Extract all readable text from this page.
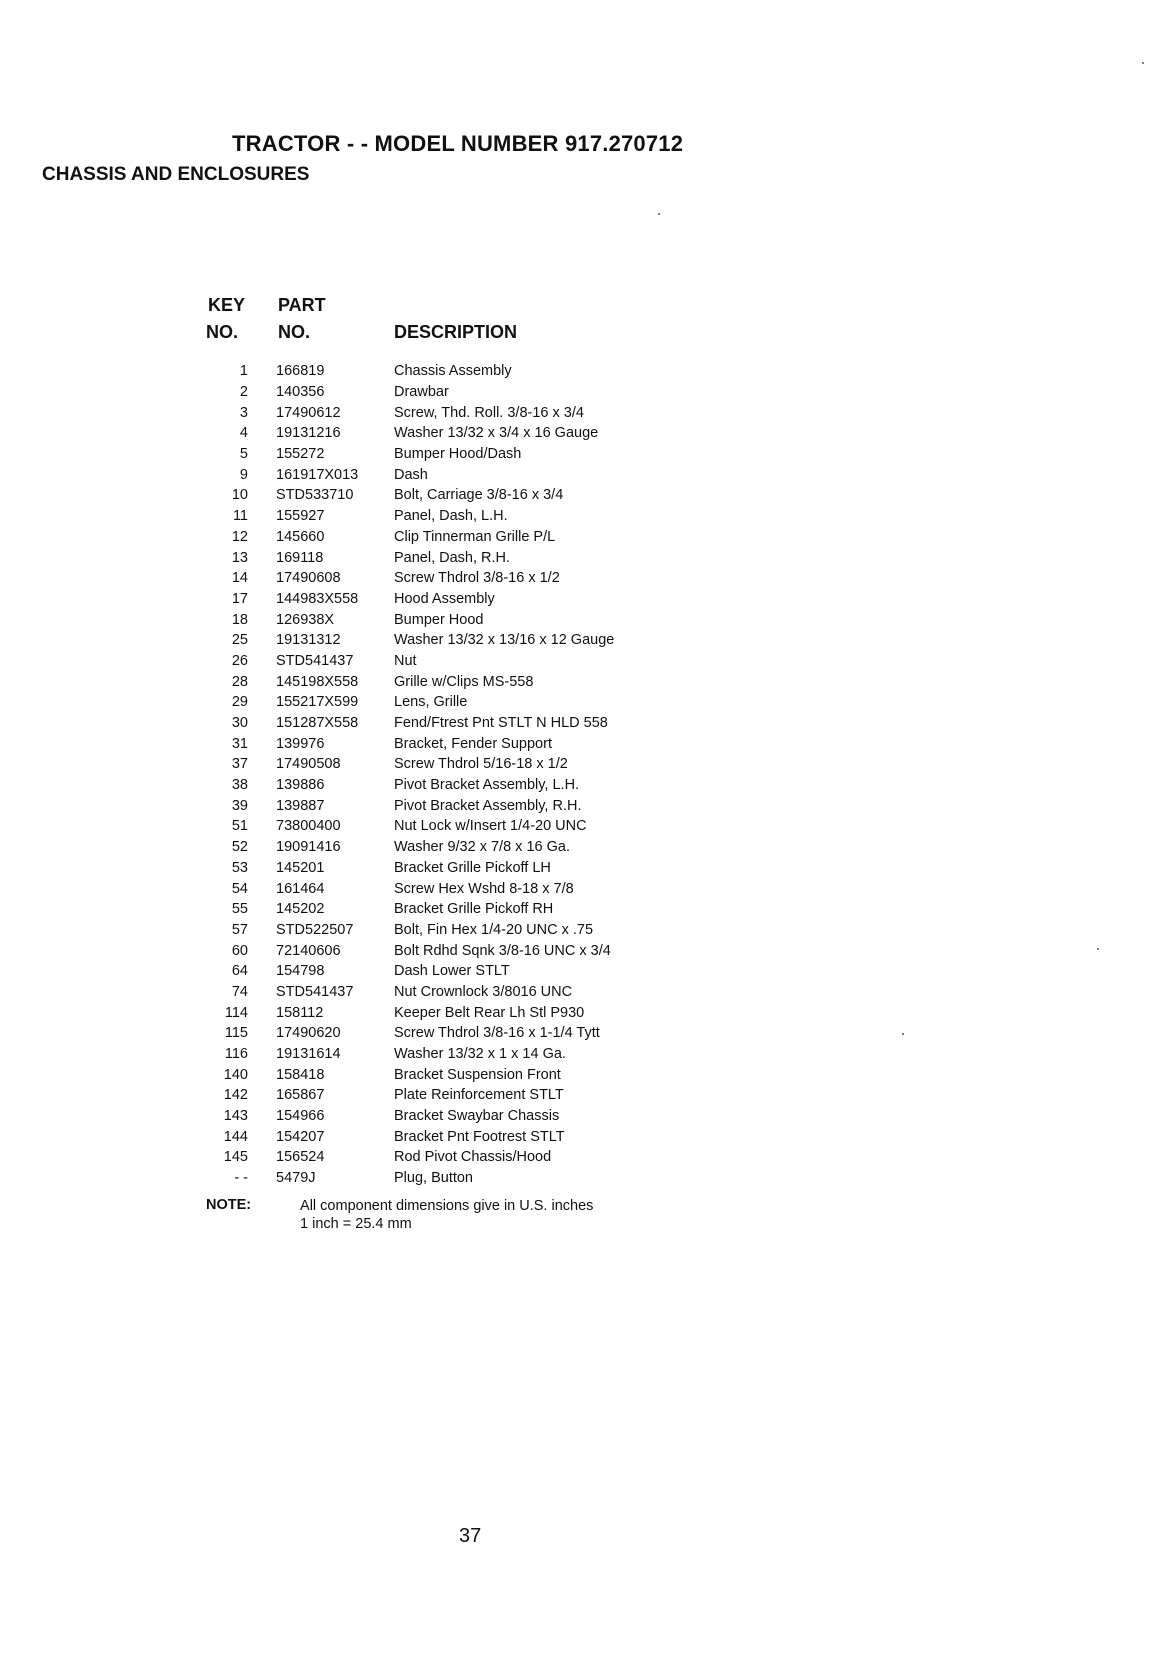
TRACTOR - - MODEL NUMBER 917.270712
CHASSIS AND ENCLOSURES
KEY PART
NO. NO.	DESCRIPTION
1	166819	Chassis Assembly
2	140356	Drawbar
3	17490612	Screw, Thd. Roll. 3/8-16 x 3/4
4	19131216	Washer 13/32 x 3/4 x 16 Gauge
5	155272	Bumper Hood/Dash
9	161917X013	Dash
10	STD533710	Bolt, Carriage 3/8-16 x 3/4
11	155927	Panel, Dash, L.H.
12	145660	Clip Tinnerman Grille P/L
13	169118	Panel, Dash, R.H.
14	17490608	Screw Thdrol 3/8-16 x 1/2
17	144983X558	Hood Assembly
18	126938X	Bumper Hood
25	19131312	Washer 13/32 x 13/16 x 12 Gauge
26	STD541437	Nut
28	145198X558	Grille w/Clips MS-558
29	155217X599	Lens, Grille
30	151287X558	Fend/Ftrest Pnt STLT N HLD 558
31	139976	Bracket, Fender Support
37	17490508	Screw Thdrol 5/16-18 x 1/2
38	139886	Pivot Bracket Assembly, L.H.
39	139887	Pivot Bracket Assembly, R.H.
51	73800400	Nut Lock w/Insert 1/4-20 UNC
52	19091416	Washer 9/32 x 7/8 x 16 Ga.
53	145201	Bracket Grille Pickoff LH
54	161464	Screw Hex Wshd 8-18 x 7/8
55	145202	Bracket Grille Pickoff RH
57	STD522507	Bolt, Fin Hex 1/4-20 UNC x .75
60	72140606	Bolt Rdhd Sqnk 3/8-16 UNC x 3/4
64	154798	Dash Lower STLT
74	STD541437	Nut Crownlock 3/8016 UNC
114	158112	Keeper Belt Rear Lh Stl P930
115	17490620	Screw Thdrol 3/8-16 x 1-1/4 Tytt
116	19131614	Washer 13/32 x 1 x 14 Ga.
140	158418	Bracket Suspension Front
142	165867	Plate Reinforcement STLT
143	154966	Bracket Swaybar Chassis
144	154207	Bracket Pnt Footrest STLT
145	156524	Rod Pivot Chassis/Hood
- -	5479J	Plug, Button
NOTE:	All component dimensions give in U.S. inches
1 inch = 25.4 mm
37
